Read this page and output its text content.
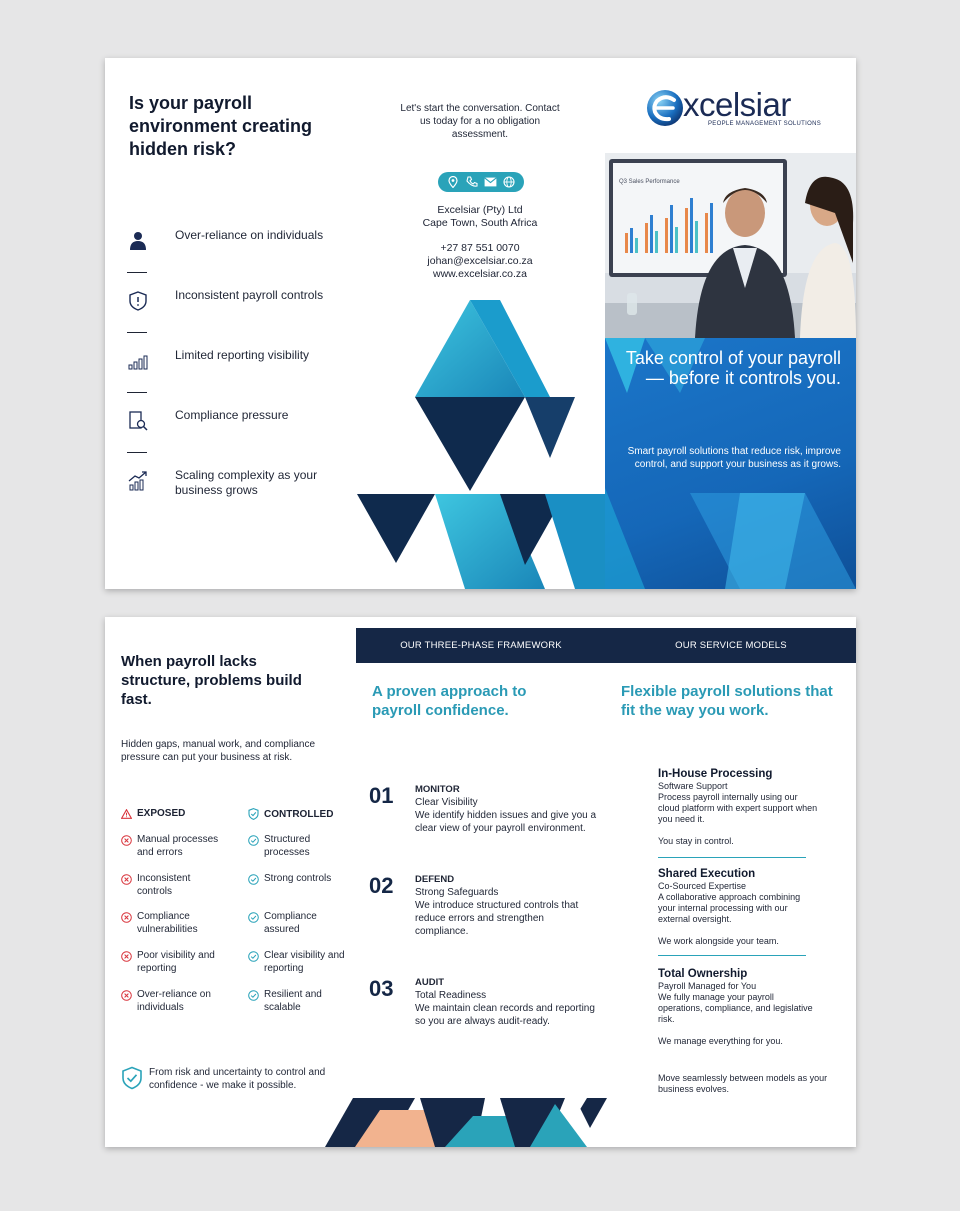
Is your payroll environment creating hidden risk?
Over-reliance on individuals
Inconsistent payroll controls
Limited reporting visibility
Compliance pressure
Scaling complexity as your business grows
Let's start the conversation. Contact us today for a no obligation assessment.
Excelsiar (Pty) Ltd
Cape Town, South Africa
+27 87 551 0070
johan@excelsiar.co.za
www.excelsiar.co.za
xcelsiar
PEOPLE MANAGEMENT SOLUTIONS
Q3 Sales Performance
Take control of your payroll— before it controls you.
Smart payroll solutions that reduce risk, improve control, and support your business as it grows.
When payroll lacks structure, problems build fast.
Hidden gaps, manual work, and compliance pressure can put your business at risk.
EXPOSED	CONTROLLED
Manual processes and errors
Inconsistent controls
Compliance vulnerabilities
Poor visibility and reporting
Over-reliance on individuals
Structured processes
Strong controls
Compliance assured
Clear visibility and reporting
Resilient and scalable
From risk and uncertainty to control and confidence - we make it possible.
OUR THREE-PHASE FRAMEWORK	OUR SERVICE MODELS
A proven approach to payroll confidence.
Flexible payroll solutions that fit the way you work.
01 MONITOR
Clear Visibility
We identify hidden issues and give you a clear view of your payroll environment.
02 DEFEND
Strong Safeguards
We introduce structured controls that reduce errors and strengthen compliance.
03 AUDIT
Total Readiness
We maintain clean records and reporting so you are always audit-ready.
In-House Processing
Software Support
Process payroll internally using our cloud platform with expert support when you need it.
You stay in control.
Shared Execution
Co-Sourced Expertise
A collaborative approach combining your internal processing with our external oversight.
We work alongside your team.
Total Ownership
Payroll Managed for You
We fully manage your payroll operations, compliance, and legislative risk.
We manage everything for you.
Move seamlessly between models as your business evolves.
